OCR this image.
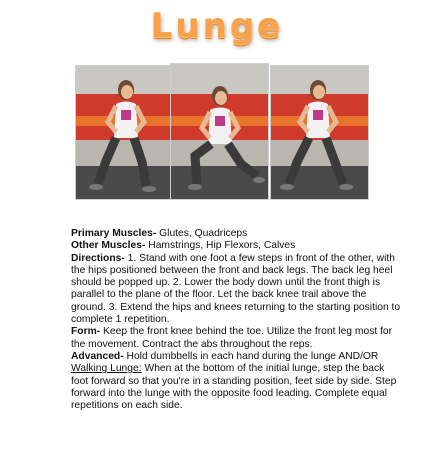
Lunge

Primary Muscles- Glutes, Quadriceps

Other Muscles- Hamstrings, Hip Flexors, Calves

Directions- 1. Stand with one foot a few steps in front of the other, with the hips positioned between the front and back legs. The back leg heel should be popped up. 2. Lower the body down until the front thigh is parallel to the plane of the floor. Let the back knee trail above the ground. 3. Extend the hips and knees returning to the starting position to complete 1 repetition.

Form- Keep the front knee behind the toe. Utilize the front leg most for the movement. Contract the abs throughout the reps.

Advanced- Hold dumbbells in each hand during the lunge AND/OR Walking Lunge: When at the bottom of the initial lunge, step the back foot forward so that you're in a standing position, feet side by side. Step forward into the lunge with the opposite food leading. Complete equal repetitions on each side.
